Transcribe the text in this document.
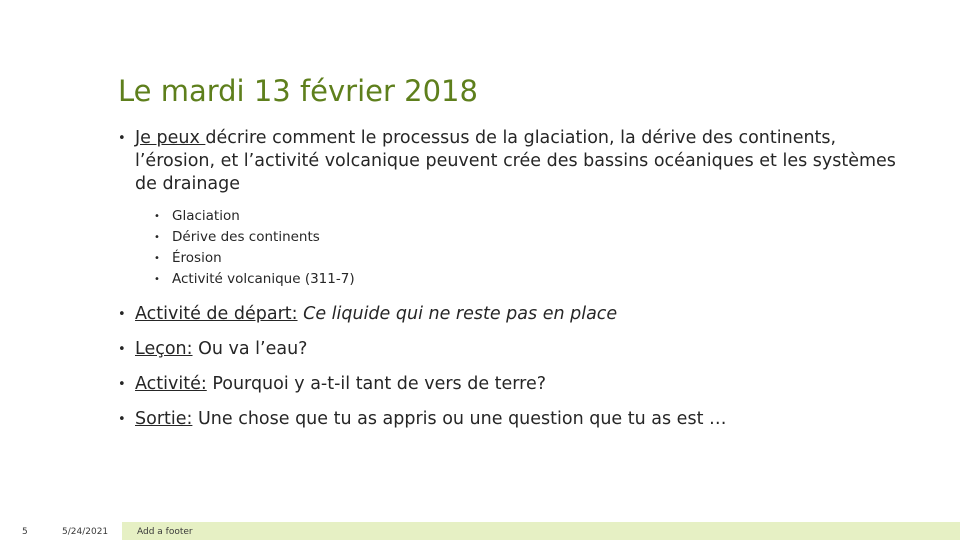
Le mardi 13 février 2018
• Je peux décrire comment le processus de la glaciation, la dérive des continents, l’érosion, et l’activité volcanique peuvent crée des bassins océaniques et les systèmes de drainage
• Glaciation
• Dérive des continents
• Érosion
• Activité volcanique (311-7)
• Activité de départ: Ce liquide qui ne reste pas en place
• Leçon: Ou va l’eau?
• Activité: Pourquoi y a-t-il tant de vers de terre?
• Sortie: Une chose que tu as appris ou une question que tu as est …
5	5/24/2021	Add a footer
